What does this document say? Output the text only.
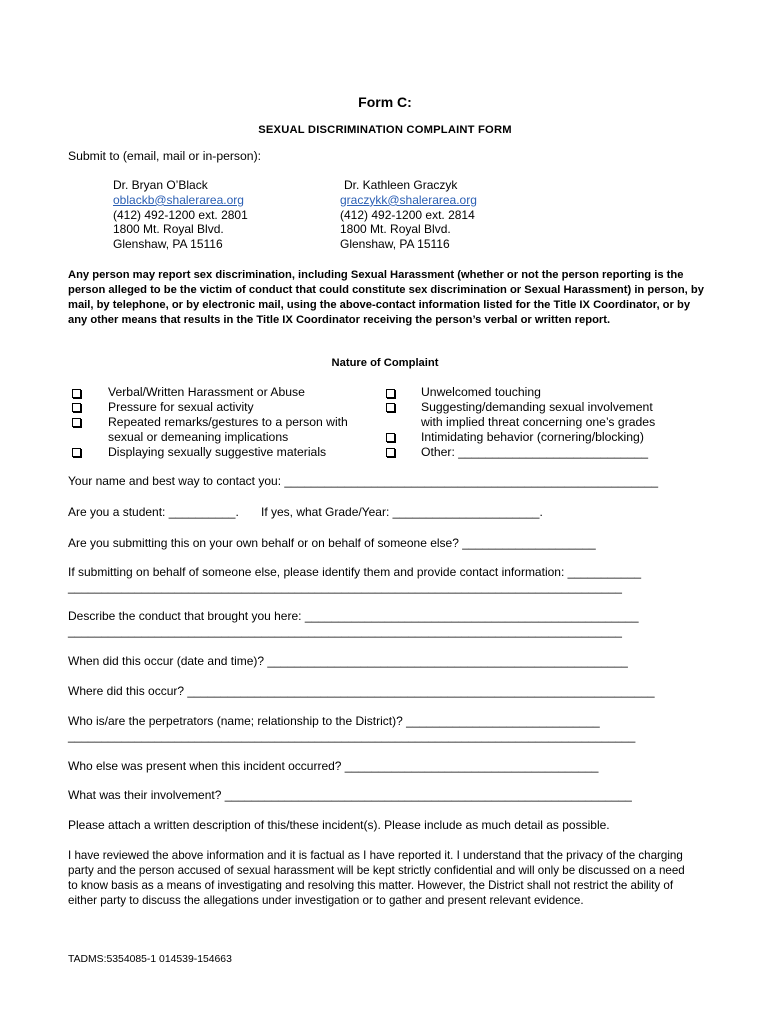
Form C:
SEXUAL DISCRIMINATION COMPLAINT FORM
Submit to (email, mail or in-person):
Dr. Bryan O’Black
oblackb@shalerarea.org
(412) 492-1200 ext. 2801
1800 Mt. Royal Blvd.
Glenshaw, PA 15116
Dr. Kathleen Graczyk
graczykk@shalerarea.org
(412) 492-1200 ext. 2814
1800 Mt. Royal Blvd.
Glenshaw, PA 15116
Any person may report sex discrimination, including Sexual Harassment (whether or not the person reporting is the person alleged to be the victim of conduct that could constitute sex discrimination or Sexual Harassment) in person, by mail, by telephone, or by electronic mail, using the above-contact information listed for the Title IX Coordinator, or by any other means that results in the Title IX Coordinator receiving the person’s verbal or written report.
Nature of Complaint
Verbal/Written Harassment or Abuse
Pressure for sexual activity
Repeated remarks/gestures to a person with
sexual or demeaning implications
Displaying sexually suggestive materials
Unwelcomed touching
Suggesting/demanding sexual involvement
with implied threat concerning one’s grades
Intimidating behavior (cornering/blocking)
Other: ____________________________
Your name and best way to contact you: ________________________________________________________
Are you a student: __________. If yes, what Grade/Year: ______________________.
Are you submitting this on your own behalf or on behalf of someone else? ____________________
If submitting on behalf of someone else, please identify them and provide contact information: ___________
___________________________________________________________________________________
Describe the conduct that brought you here: __________________________________________________
___________________________________________________________________________________
When did this occur (date and time)? ______________________________________________________
Where did this occur? ______________________________________________________________________
Who is/are the perpetrators (name; relationship to the District)? _____________________________
_____________________________________________________________________________________
Who else was present when this incident occurred? ______________________________________
What was their involvement? _____________________________________________________________
Please attach a written description of this/these incident(s). Please include as much detail as possible.
I have reviewed the above information and it is factual as I have reported it. I understand that the privacy of the charging party and the person accused of sexual harassment will be kept strictly confidential and will only be discussed on a need to know basis as a means of investigating and resolving this matter. However, the District shall not restrict the ability of either party to discuss the allegations under investigation or to gather and present relevant evidence.
TADMS:5354085-1 014539-154663
